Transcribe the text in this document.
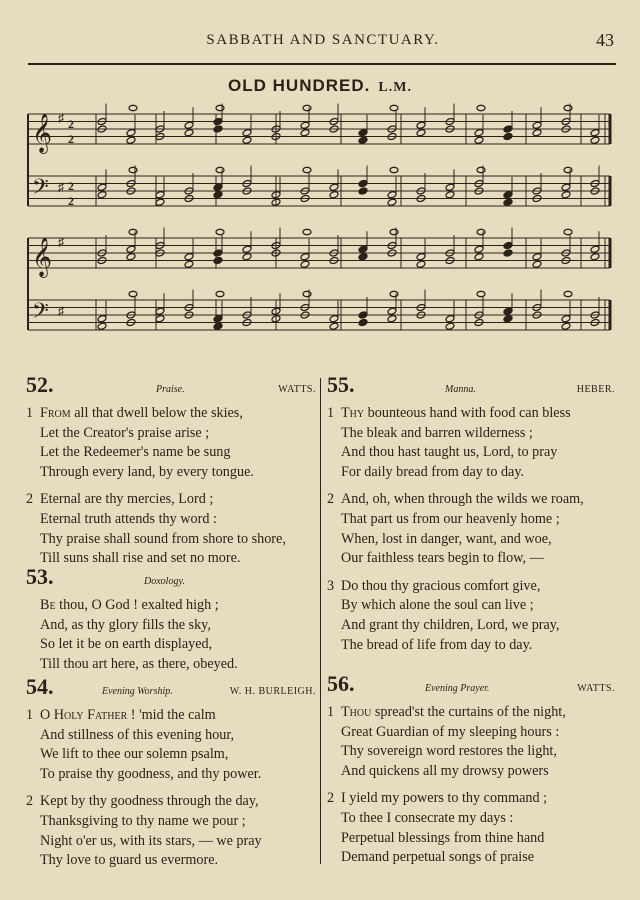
SABBATH AND SANCTUARY.	43
OLD HUNDRED. L.M.
𝄞 ♯ 2
2
𝄢 ♯ 2
2
𝄞 ♯
𝄢 ♯
52.	Praise.	WATTS.
1 From all that dwell below the skies,
Let the Creator's praise arise ;
Let the Redeemer's name be sung
Through every land, by every tongue.
2 Eternal are thy mercies, Lord ;
Eternal truth attends thy word :
Thy praise shall sound from shore to shore,
Till suns shall rise and set no more.
53.	Doxology.
Be thou, O God ! exalted high ;
And, as thy glory fills the sky,
So let it be on earth displayed,
Till thou art here, as there, obeyed.
54.	Evening Worship.	W. H. BURLEIGH.
1 O Holy Father ! 'mid the calm
And stillness of this evening hour,
We lift to thee our solemn psalm,
To praise thy goodness, and thy power.
2 Kept by thy goodness through the day,
Thanksgiving to thy name we pour ;
Night o'er us, with its stars, — we pray
Thy love to guard us evermore.
55.	Manna.	HEBER.
1 Thy bounteous hand with food can bless
The bleak and barren wilderness ;
And thou hast taught us, Lord, to pray
For daily bread from day to day.
2 And, oh, when through the wilds we roam,
That part us from our heavenly home ;
When, lost in danger, want, and woe,
Our faithless tears begin to flow, —
3 Do thou thy gracious comfort give,
By which alone the soul can live ;
And grant thy children, Lord, we pray,
The bread of life from day to day.
56.	Evening Prayer.	WATTS.
1 Thou spread'st the curtains of the night,
Great Guardian of my sleeping hours :
Thy sovereign word restores the light,
And quickens all my drowsy powers
2 I yield my powers to thy command ;
To thee I consecrate my days :
Perpetual blessings from thine hand
Demand perpetual songs of praise
